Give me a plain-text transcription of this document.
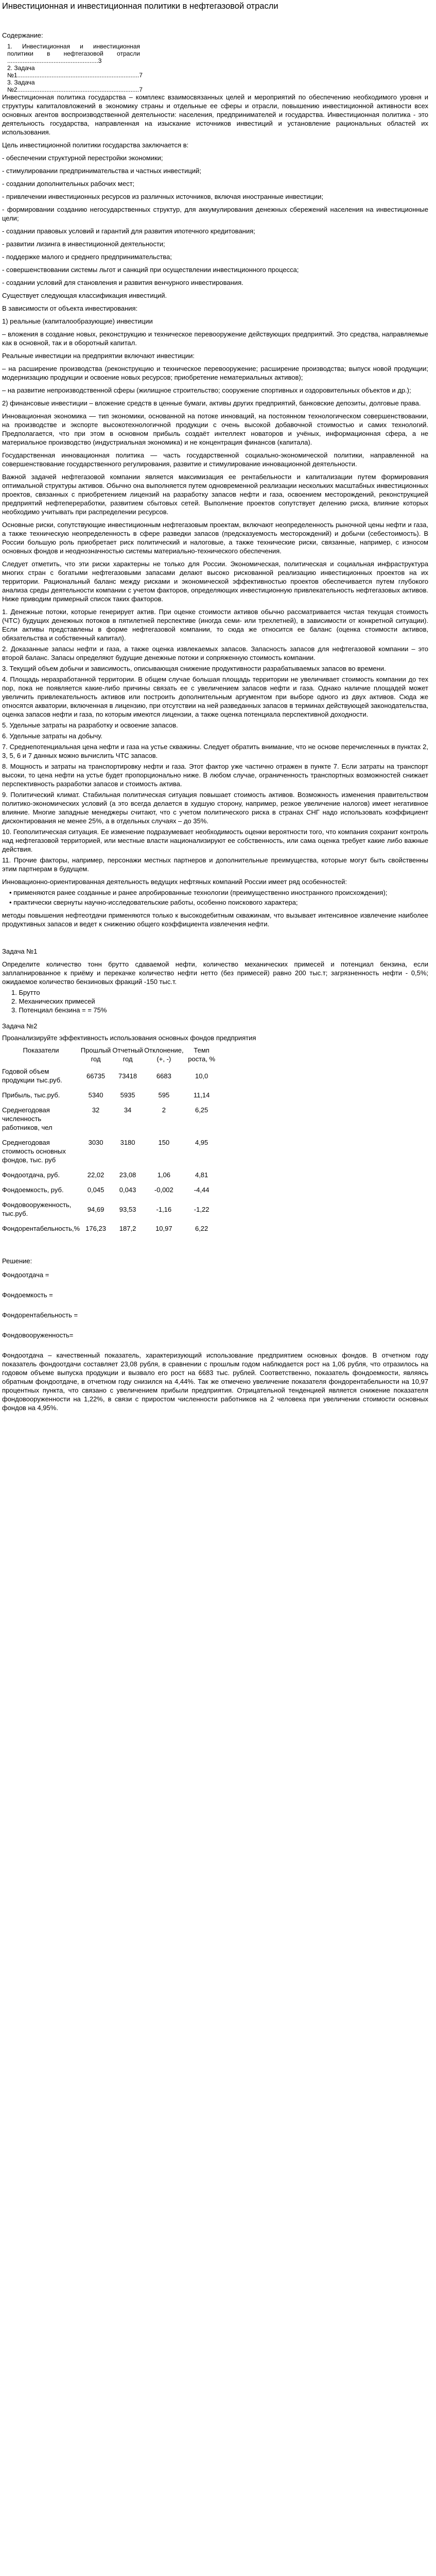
Инвестиционная и инвестиционная политики в нефтегазовой отрасли
Содержание:
1. Инвестиционная и инвестиционная политики в нефтегазовой отрасли .....................................................3
2. Задача №1.......................................................................7
3. Задача №2.......................................................................7

Инвестиционная политика государства – комплекс взаимосвязанных целей и мероприятий по обеспечению необходимого уровня и структуры капиталовложений в экономику страны и отдельные ее сферы и отрасли, повышению инвестиционной активности всех основных агентов воспроизводственной деятельности: населения, предпринимателей и государства. Инвестиционная политика - это деятельность государства, направленная на изыскание источников инвестиций и установление рациональных областей их использования.

Цель инвестиционной политики государства заключается в:

- обеспечении структурной перестройки экономики;

- стимулировании предпринимательства и частных инвестиций;

- создании дополнительных рабочих мест;

- привлечении инвестиционных ресурсов из различных источников, включая иностранные инвестиции;

- формировании созданию негосударственных структур, для аккумулирования денежных сбережений населения на инвестиционные цели;

- создании правовых условий и гарантий для развития ипотечного кредитования;

- развитии лизинга в инвестиционной деятельности;

- поддержке малого и среднего предпринимательства;

- совершенствовании системы льгот и санкций при осуществлении инвестиционного процесса;

- создании условий для становления и развития венчурного инвестирования.

Существует следующая классификация инвестиций.

В зависимости от объекта инвестирования:

1) реальные (капиталообразующие) инвестиции

– вложения в создание новых, реконструкцию и техническое перевооружение действующих предприятий. Это средства, направляемые как в основной, так и в оборотный капитал.

Реальные инвестиции на предприятии включают инвестиции:

– на расширение производства (реконструкцию и техническое перевооружение; расширение производства; выпуск новой продукции; модернизацию продукции и освоение новых ресурсов; приобретение нематериальных активов);

– на развитие непроизводственной сферы (жилищное строительство; сооружение спортивных и оздоровительных объектов и др.);

2) финансовые инвестиции – вложение средств в ценные бумаги, активы других предприятий, банковские депозиты, долговые права.

Инновационная экономика — тип экономики, основанной на потоке инноваций, на постоянном технологическом совершенствовании, на производстве и экспорте высокотехнологичной продукции с очень высокой добавочной стоимостью и самих технологий. Предполагается, что при этом в основном прибыль создаёт интеллект новаторов и учёных, информационная сфера, а не материальное производство (индустриальная экономика) и не концентрация финансов (капитала).

Государственная инновационная политика — часть государственной социально-экономической политики, направленной на совершенствование государственного регулирования, развитие и стимулирование инновационной деятельности.

Важной задачей нефтегазовой компании является максимизация ее рентабельности и капитализации путем формирования оптимальной структуры активов. Обычно она выполняется путем одновременной реализации нескольких масштабных инвестиционных проектов, связанных с приобретением лицензий на разработку запасов нефти и газа, освоением месторождений, реконструкцией предприятий нефтепереработки, развитием сбытовых сетей. Выполнение проектов сопутствует делению риска, влияние которых необходимо учитывать при распределении ресурсов.

Основные риски, сопутствующие инвестиционным нефтегазовым проектам, включают неопределенность рыночной цены нефти и газа, а также техническую неопределенность в сфере разведки запасов (предсказуемость месторождений) и добычи (себестоимость). В России большую роль приобретает риск политический и налоговые, а также технические риски, связанные, например, с износом основных фондов и неоднозначностью системы материально-технического обеспечения.

Следует отметить, что эти риски характерны не только для России. Экономическая, политическая и социальная инфраструктура многих стран с богатыми нефтегазовыми запасами делают высоко рискованной реализацию инвестиционных проектов на их территории. Рациональный баланс между рисками и экономической эффективностью проектов обеспечивается путем глубокого анализа среды деятельности компании с учетом факторов, определяющих инвестиционную привлекательность нефтегазовых активов. Ниже приводим примерный список таких факторов.

1. Денежные потоки, которые генерирует актив. При оценке стоимости активов обычно рассматривается чистая текущая стоимость (ЧТС) будущих денежных потоков в пятилетней перспективе (иногда семи- или трехлетней), в зависимости от конкретной ситуации). Если активы представлены в форме нефтегазовой компании, то сюда же относится ее баланс (оценка стоимости активов, обязательства и собственный капитал).

2. Доказанные запасы нефти и газа, а также оценка извлекаемых запасов. Запасность запасов для нефтегазовой компании – это второй баланс. Запасы определяют будущие денежные потоки и сопряженную стоимость компании.

3. Текущий объем добычи и зависимость, описывающая снижение продуктивности разрабатываемых запасов во времени.

4. Площадь неразработанной территории. В общем случае большая площадь территории не увеличивает стоимость компании до тех пор, пока не появляется какие-либо причины связать ее с увеличением запасов нефти и газа. Однако наличие площадей может увеличить привлекательность активов или построить дополнительным аргументом при выборе одного из двух активов. Сюда же относятся акватории, включенная в лицензию, при отсутствии на ней разведанных запасов в терминах действующей законодательства, оценка запасов нефти и газа, по которым имеются лицензии, а также оценка потенциала перспективной доходности.

5. Удельные затраты на разработку и освоение запасов.

6. Удельные затраты на добычу.

7. Среднепотенциальная цена нефти и газа на устье скважины. Следует обратить внимание, что не основе перечисленных в пунктах 2, 3, 5, 6 и 7 данных можно вычислить ЧТС запасов.

8. Мощность и затраты на транспортировку нефти и газа. Этот фактор уже частично отражен в пункте 7. Если затраты на транспорт высоки, то цена нефти на устье будет пропорционально ниже. В любом случае, ограниченность транспортных возможностей снижает перспективность разработки запасов и стоимость актива.

9. Политический климат. Стабильная политическая ситуация повышает стоимость активов. Возможность изменения правительством политико-экономических условий (а это всегда делается в худшую сторону, например, резкое увеличение налогов) имеет негативное влияние. Многие западные менеджеры считают, что с учетом политического риска в странах СНГ надо использовать коэффициент дисконтирования не менее 25%, а в отдельных случаях – до 35%.

10. Геополитическая ситуация. Ее изменение подразумевает необходимость оценки вероятности того, что компания сохранит контроль над нефтегазовой территорией, или местные власти национализируют ее собственность, или сама оценка требует какие либо важные действия.

11. Прочие факторы, например, персонажи местных партнеров и дополнительные преимущества, которые могут быть свойственны этим партнерам в будущем.

Инновационно-ориентированная деятельность ведущих нефтяных компаний России имеет ряд особенностей:

• применяются ранее созданные и ранее апробированные технологии (преимущественно иностранного происхождения);

• практически свернуты научно-исследовательские работы, особенно поискового характера;

методы повышения нефтеотдачи применяются только к высокодебитным скважинам, что вызывает интенсивное извлечение наиболее продуктивных запасов и ведет к снижению общего коэффициента извлечения нефти.

Задача №1

Определите количество тонн брутто сдаваемой нефти, количество механических примесей и потенциал бензина, если заплапнированное к приёму и перекачке количество нефти нетто (без примесей) равно 200 тыс.т; загрязненность нефти - 0,5%; ожидаемое количество бензиновых фракций -150 тыс.т.

1. Брутто
2. Механических примесей
3. Потенциал бензина = = 75%
Задача №2

Проанализируйте эффективность использования основных фондов предприятия

Показатели	Прошлый год	Отчетный год	Отклонение, (+, -)	Темп роста, %	
Годовой объем продукции тыс.руб.	66735	73418	6683	10,0	
Прибыль, тыс.руб.	5340	5935	595	11,14	
Среднегодовая численность работников, чел	32	34	2	6,25	
Среднегодовая стоимость основных фондов, тыс. руб	3030	3180	150	4,95	
Фондоотдача, руб.	22,02	23,08	1,06	4,81	
Фондоемкость, руб.	0,045	0,043	-0,002	-4,44	
Фондовооруженность, тыс.руб.	94,69	93,53	-1,16	-1,22	
Фондорентабельность,%	176,23	187,2	10,97	6,22	
Решение:
Фондоотдача =
Фондоемкость =
Фондорентабельность =
Фондовооруженность=

Фондоотдача – качественный показатель, характеризующий использование предприятием основных фондов. В отчетном году показатель фондоотдачи составляет 23,08 рубля, в сравнении с прошлым годом наблюдается рост на 1,06 рубля, что отразилось на годовом объеме выпуска продукции и вызвало его рост на 6683 тыс. рублей. Соответственно, показатель фондоемкости, являясь обратным фондоотдаче, в отчетном году снизился на 4,44%. Так же отмечено увеличение показателя фондорентабельности на 10,97 процентных пункта, что связано с увеличением прибыли предприятия. Отрицательной тенденцией является снижение показателя фондовооруженности на 1,22%, в связи с приростом численности работников на 2 человека при увеличении стоимости основных фондов на 4,95%.
